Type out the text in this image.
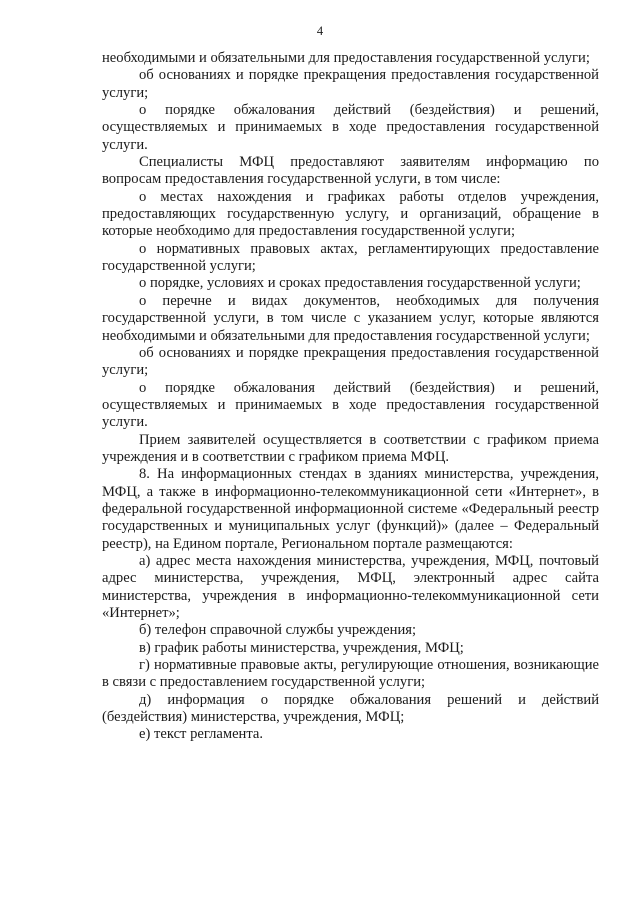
4

необходимыми и обязательными для предоставления государственной услуги;

об основаниях и порядке прекращения предоставления государственной услуги;

о порядке обжалования действий (бездействия) и решений, осуществляемых и принимаемых в ходе предоставления государственной услуги.

Специалисты МФЦ предоставляют заявителям информацию по вопросам предоставления государственной услуги, в том числе:

о местах нахождения и графиках работы отделов учреждения, предоставляющих государственную услугу, и организаций, обращение в которые необходимо для предоставления государственной услуги;

о нормативных правовых актах, регламентирующих предоставление государственной услуги;

о порядке, условиях и сроках предоставления государственной услуги;

о перечне и видах документов, необходимых для получения государственной услуги, в том числе с указанием услуг, которые являются необходимыми и обязательными для предоставления государственной услуги;

об основаниях и порядке прекращения предоставления государственной услуги;

о порядке обжалования действий (бездействия) и решений, осуществляемых и принимаемых в ходе предоставления государственной услуги.

Прием заявителей осуществляется в соответствии с графиком приема учреждения и в соответствии с графиком приема МФЦ.

8. На информационных стендах в зданиях министерства, учреждения, МФЦ, а также в информационно-телекоммуникационной сети «Интернет», в федеральной государственной информационной системе «Федеральный реестр государственных и муниципальных услуг (функций)» (далее – Федеральный реестр), на Едином портале, Региональном портале размещаются:

а) адрес места нахождения министерства, учреждения, МФЦ, почтовый адрес министерства, учреждения, МФЦ, электронный адрес сайта министерства, учреждения в информационно-телекоммуникационной сети «Интернет»;

б) телефон справочной службы учреждения;

в) график работы министерства, учреждения, МФЦ;

г) нормативные правовые акты, регулирующие отношения, возникающие в связи с предоставлением государственной услуги;

д) информация о порядке обжалования решений и действий (бездействия) министерства, учреждения, МФЦ;

е) текст регламента.
